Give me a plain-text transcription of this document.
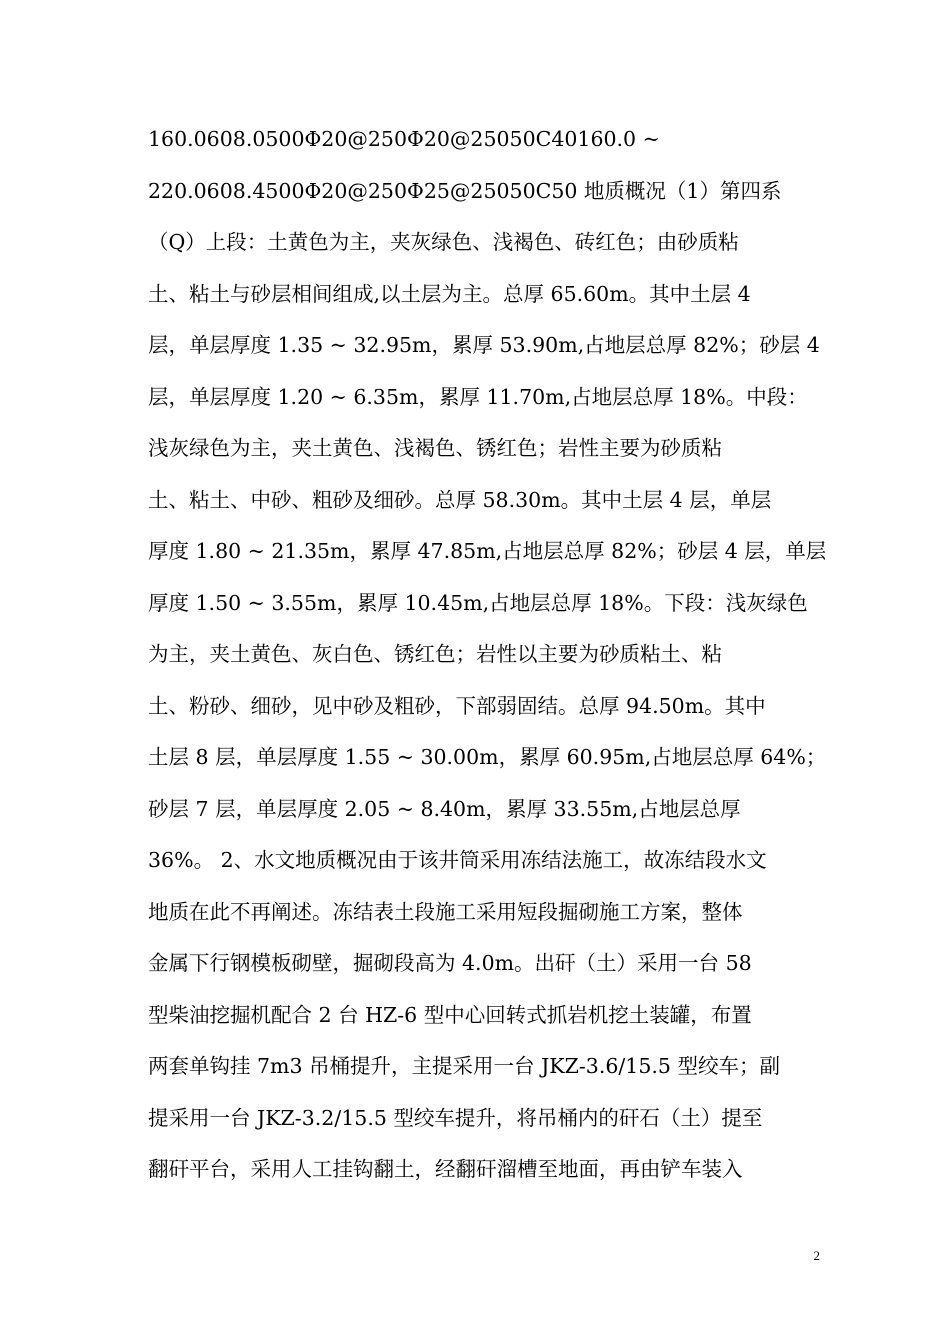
160.0608.0500Φ20@250Φ20@25050C40160.0 ~
220.0608.4500Φ20@250Φ25@25050C50 地质概况（1）第四系
（Q）上段：土黄色为主，夹灰绿色、浅褐色、砖红色；由砂质粘
土、粘土与砂层相间组成,以土层为主。总厚 65.60m。其中土层 4
层，单层厚度 1.35 ~ 32.95m，累厚 53.90m,占地层总厚 82%；砂层 4
层，单层厚度 1.20 ~ 6.35m，累厚 11.70m,占地层总厚 18%。中段：
浅灰绿色为主，夹土黄色、浅褐色、锈红色；岩性主要为砂质粘
土、粘土、中砂、粗砂及细砂。总厚 58.30m。其中土层 4 层，单层
厚度 1.80 ~ 21.35m，累厚 47.85m,占地层总厚 82%；砂层 4 层，单层
厚度 1.50 ~ 3.55m，累厚 10.45m,占地层总厚 18%。下段：浅灰绿色
为主，夹土黄色、灰白色、锈红色；岩性以主要为砂质粘土、粘
土、粉砂、细砂，见中砂及粗砂，下部弱固结。总厚 94.50m。其中
土层 8 层，单层厚度 1.55 ~ 30.00m，累厚 60.95m,占地层总厚 64%；
砂层 7 层，单层厚度 2.05 ~ 8.40m，累厚 33.55m,占地层总厚
36%。 2、水文地质概况由于该井筒采用冻结法施工，故冻结段水文
地质在此不再阐述。冻结表土段施工采用短段掘砌施工方案，整体
金属下行钢模板砌壁，掘砌段高为 4.0m。出矸（土）采用一台 58
型柴油挖掘机配合 2 台 HZ-6 型中心回转式抓岩机挖土装罐，布置
两套单钩挂 7m3 吊桶提升，主提采用一台 JKZ-3.6/15.5 型绞车；副
提采用一台 JKZ-3.2/15.5 型绞车提升，将吊桶内的矸石（土）提至
翻矸平台，采用人工挂钩翻土，经翻矸溜槽至地面，再由铲车装入
2
